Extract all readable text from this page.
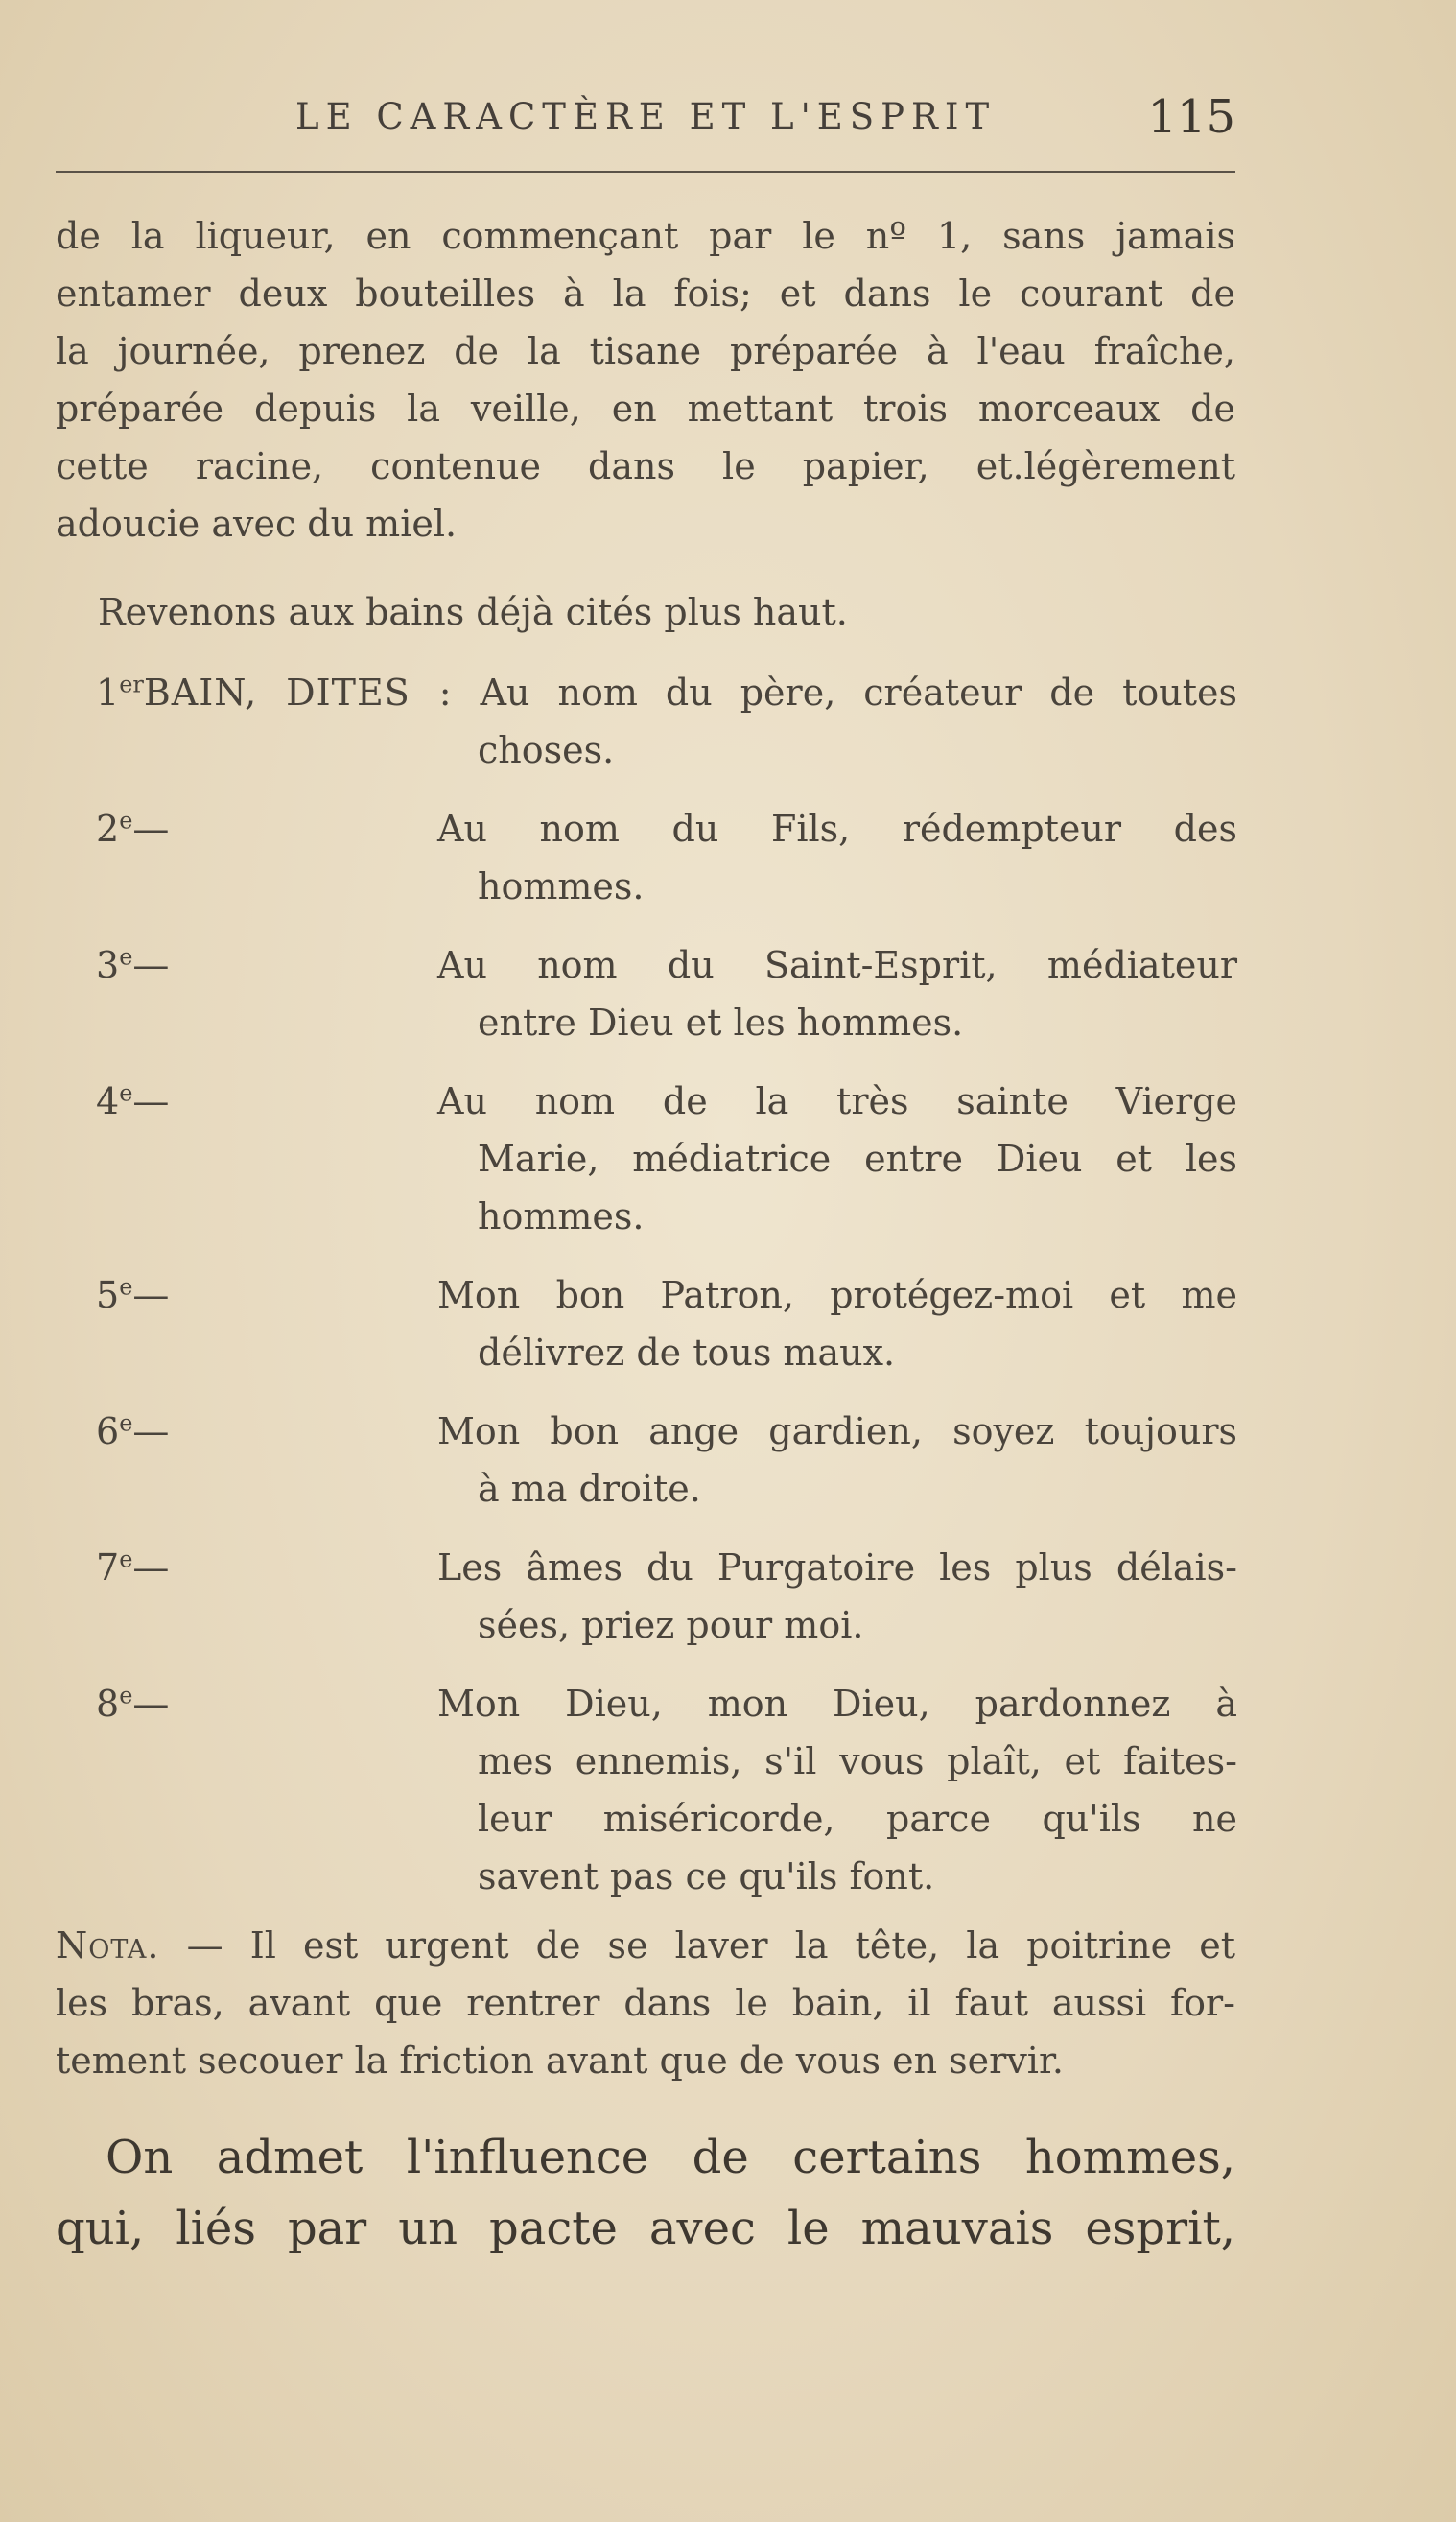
LE CARACTÈRE ET L'ESPRIT	115
de la liqueur, en commençant par le nº 1, sans jamais
entamer deux bouteilles à la fois; et dans le courant de
la journée, prenez de la tisane préparée à l'eau fraîche,
préparée depuis la veille, en mettant trois morceaux de
cette racine, contenue dans le papier, et.légèrement
adoucie avec du miel.
Revenons aux bains déjà cités plus haut.
1erBAIN, DITES : Au nom du père, créateur de toutes
choses.
2e—	Au nom du Fils, rédempteur des
hommes.
3e—	Au nom du Saint-Esprit, médiateur
entre Dieu et les hommes.
4e—	Au nom de la très sainte Vierge
Marie, médiatrice entre Dieu et les
hommes.
5e—	Mon bon Patron, protégez-moi et me
délivrez de tous maux.
6e—	Mon bon ange gardien, soyez toujours
à ma droite.
7e—	Les âmes du Purgatoire les plus délais-
sées, priez pour moi.
8e—	Mon Dieu, mon Dieu, pardonnez à
mes ennemis, s'il vous plaît, et faites-
leur miséricorde, parce qu'ils ne
savent pas ce qu'ils font.
Nota. — Il est urgent de se laver la tête, la poitrine et
les bras, avant que rentrer dans le bain, il faut aussi for-
tement secouer la friction avant que de vous en servir.
On admet l'influence de certains hommes,
qui, liés par un pacte avec le mauvais esprit,
